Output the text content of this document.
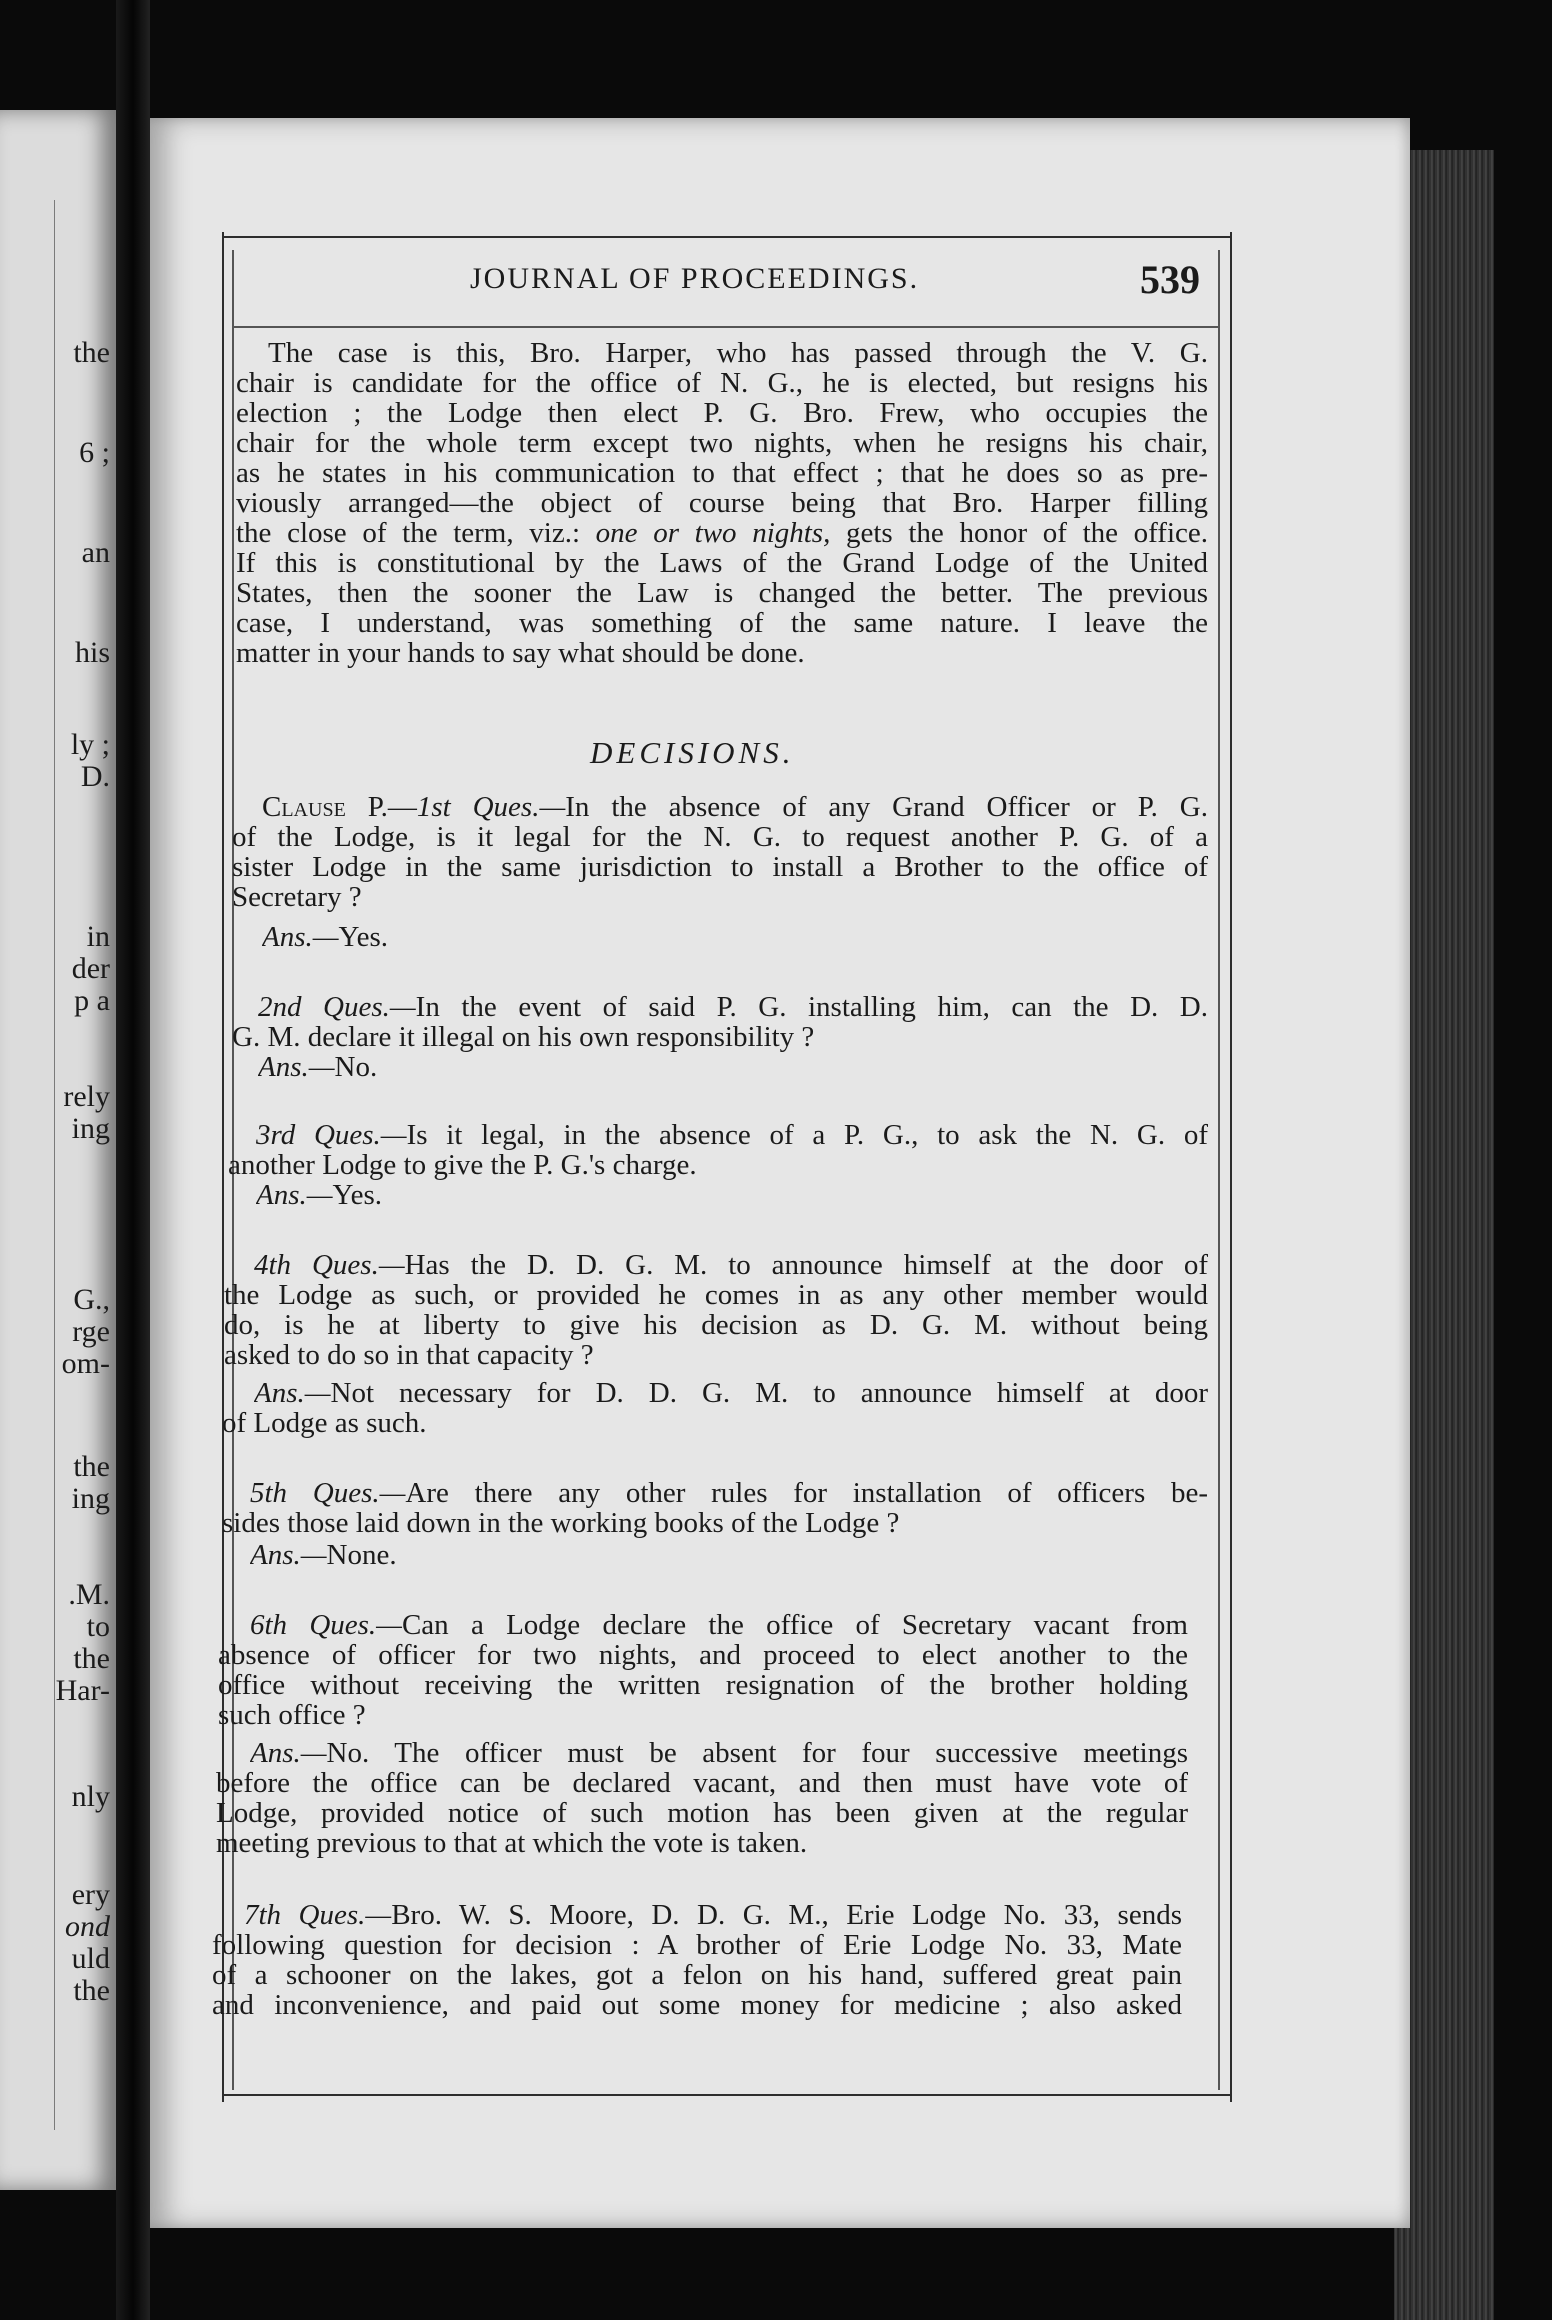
the
6 ;
an
his
ly ;
D.
in
der
p a
rely
ing
G.,
rge
om-
the
ing
.M.
to
the
Har-
nly
ery
ond
uld
the
JOURNAL OF PROCEEDINGS.	539
The case is this, Bro. Harper, who has passed through the V. G.
chair is candidate for the office of N. G., he is elected, but resigns his
election ; the Lodge then elect P. G. Bro. Frew, who occupies the
chair for the whole term except two nights, when he resigns his chair,
as he states in his communication to that effect ; that he does so as pre-
viously arranged—the object of course being that Bro. Harper filling
the close of the term, viz.: one or two nights, gets the honor of the office.
If this is constitutional by the Laws of the Grand Lodge of the United
States, then the sooner the Law is changed the better. The previous
case, I understand, was something of the same nature. I leave the
matter in your hands to say what should be done.
DECISIONS.
Clause P.—1st Ques.—In the absence of any Grand Officer or P. G.
of the Lodge, is it legal for the N. G. to request another P. G. of a
sister Lodge in the same jurisdiction to install a Brother to the office of
Secretary ?
Ans.—Yes.
2nd Ques.—In the event of said P. G. installing him, can the D. D.
G. M. declare it illegal on his own responsibility ?
Ans.—No.
3rd Ques.—Is it legal, in the absence of a P. G., to ask the N. G. of
another Lodge to give the P. G.'s charge.
Ans.—Yes.
4th Ques.—Has the D. D. G. M. to announce himself at the door of
the Lodge as such, or provided he comes in as any other member would
do, is he at liberty to give his decision as D. G. M. without being
asked to do so in that capacity ?
Ans.—Not necessary for D. D. G. M. to announce himself at door
of Lodge as such.
5th Ques.—Are there any other rules for installation of officers be-
sides those laid down in the working books of the Lodge ?
Ans.—None.
6th Ques.—Can a Lodge declare the office of Secretary vacant from
absence of officer for two nights, and proceed to elect another to the
office without receiving the written resignation of the brother holding
such office ?
Ans.—No. The officer must be absent for four successive meetings
before the office can be declared vacant, and then must have vote of
Lodge, provided notice of such motion has been given at the regular
meeting previous to that at which the vote is taken.
7th Ques.—Bro. W. S. Moore, D. D. G. M., Erie Lodge No. 33, sends
following question for decision : A brother of Erie Lodge No. 33, Mate
of a schooner on the lakes, got a felon on his hand, suffered great pain
and inconvenience, and paid out some money for medicine ; also asked
